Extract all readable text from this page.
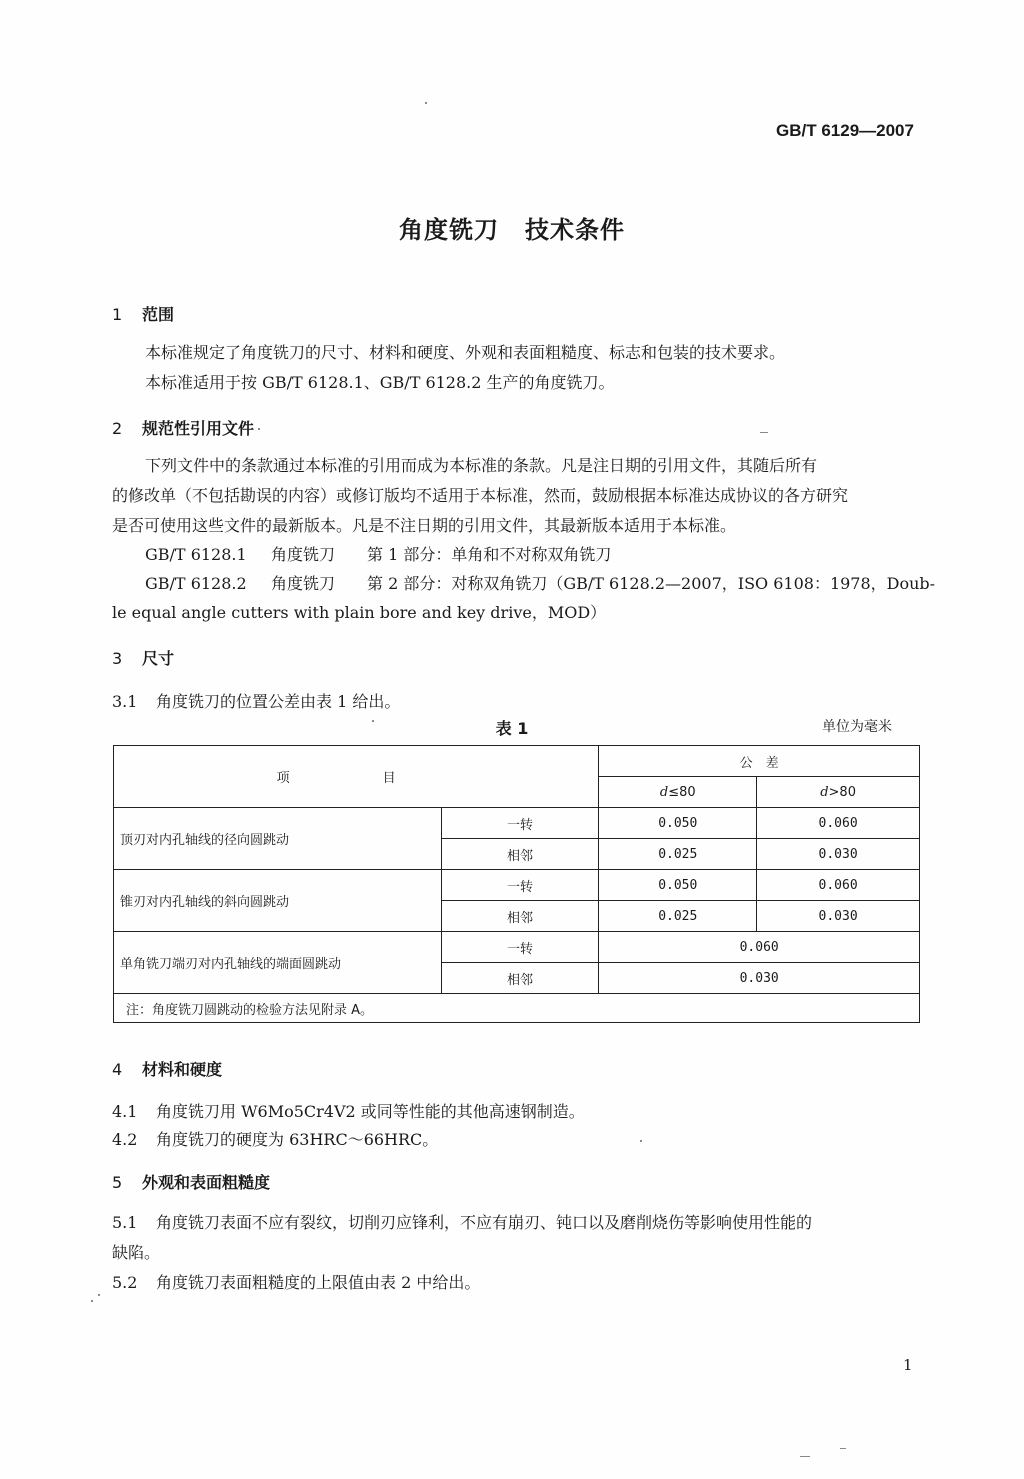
GB/T 6129—2007
角度铣刀 技术条件
1 范围
本标准规定了角度铣刀的尺寸、材料和硬度、外观和表面粗糙度、标志和包装的技术要求。
本标准适用于按 GB/T 6128.1、GB/T 6128.2 生产的角度铣刀。
2 规范性引用文件
下列文件中的条款通过本标准的引用而成为本标准的条款。凡是注日期的引用文件，其随后所有
的修改单（不包括勘误的内容）或修订版均不适用于本标准，然而，鼓励根据本标准达成协议的各方研究
是否可使用这些文件的最新版本。凡是不注日期的引用文件，其最新版本适用于本标准。
GB/T 6128.1 角度铣刀 第 1 部分：单角和不对称双角铣刀
GB/T 6128.2 角度铣刀 第 2 部分：对称双角铣刀（GB/T 6128.2—2007，ISO 6108：1978，Doub-
le equal angle cutters with plain bore and key drive，MOD）
3 尺寸
3.1 角度铣刀的位置公差由表 1 给出。
表 1	单位为毫米
项　目		公　差	
		d≤80	d>80
顶刃对内孔轴线的径向圆跳动	一转	0.050	0.060
	相邻	0.025	0.030
锥刃对内孔轴线的斜向圆跳动	一转	0.050	0.060
	相邻	0.025	0.030
单角铣刀端刃对内孔轴线的端面圆跳动	一转	0.060	
	相邻	0.030	
注：角度铣刀圆跳动的检验方法见附录 A。			
4 材料和硬度
4.1 角度铣刀用 W6Mo5Cr4V2 或同等性能的其他高速钢制造。
4.2 角度铣刀的硬度为 63HRC～66HRC。
5 外观和表面粗糙度
5.1 角度铣刀表面不应有裂纹，切削刃应锋利，不应有崩刃、钝口以及磨削烧伤等影响使用性能的
缺陷。
5.2 角度铣刀表面粗糙度的上限值由表 2 中给出。
1
